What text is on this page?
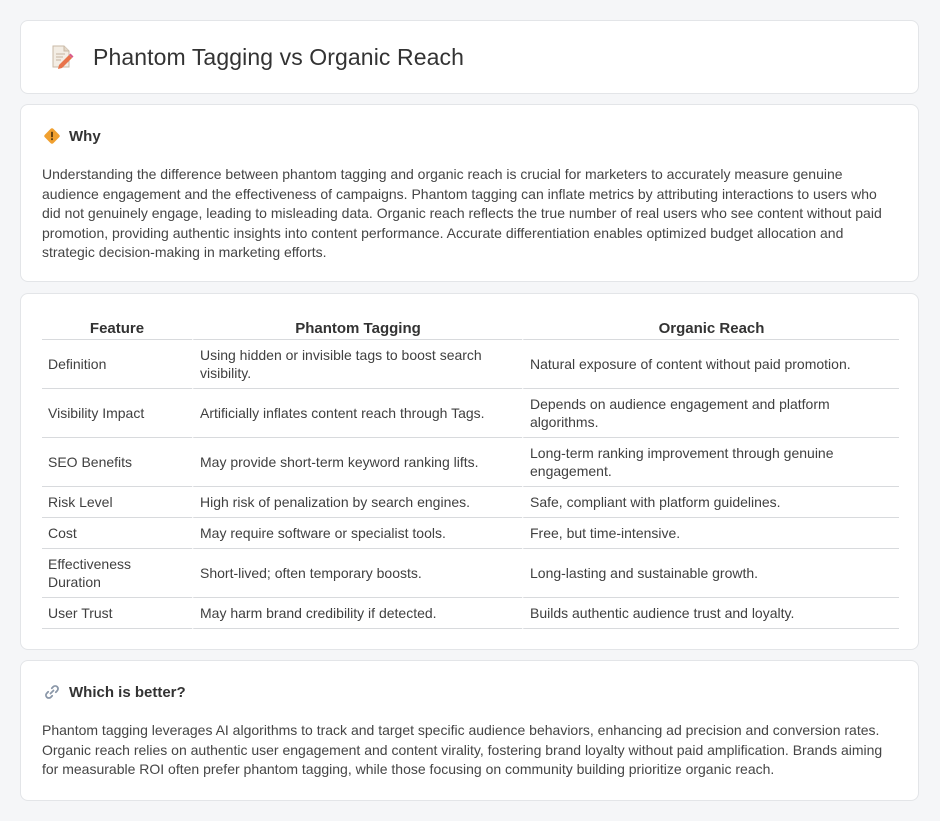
Phantom Tagging vs Organic Reach
Why

Understanding the difference between phantom tagging and organic reach is crucial for marketers to accurately measure genuine audience engagement and the effectiveness of campaigns. Phantom tagging can inflate metrics by attributing interactions to users who did not genuinely engage, leading to misleading data. Organic reach reflects the true number of real users who see content without paid promotion, providing authentic insights into content performance. Accurate differentiation enables optimized budget allocation and strategic decision-making in marketing efforts.

Feature	Phantom Tagging	Organic Reach
Definition	Using hidden or invisible tags to boost search visibility.	Natural exposure of content without paid promotion.
Visibility Impact	Artificially inflates content reach through Tags.	Depends on audience engagement and platform algorithms.
SEO Benefits	May provide short-term keyword ranking lifts.	Long-term ranking improvement through genuine engagement.
Risk Level	High risk of penalization by search engines.	Safe, compliant with platform guidelines.
Cost	May require software or specialist tools.	Free, but time-intensive.
Effectiveness Duration	Short-lived; often temporary boosts.	Long-lasting and sustainable growth.
User Trust	May harm brand credibility if detected.	Builds authentic audience trust and loyalty.
Which is better?

Phantom tagging leverages AI algorithms to track and target specific audience behaviors, enhancing ad precision and conversion rates. Organic reach relies on authentic user engagement and content virality, fostering brand loyalty without paid amplification. Brands aiming for measurable ROI often prefer phantom tagging, while those focusing on community building prioritize organic reach.
